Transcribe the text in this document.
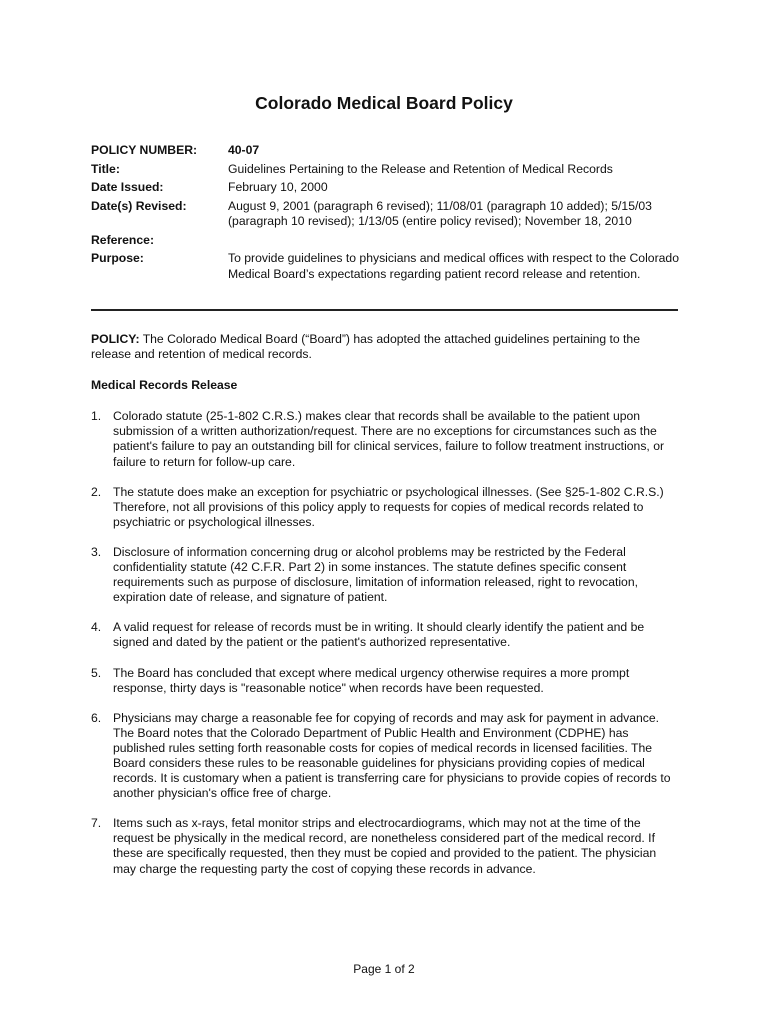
Colorado Medical Board Policy
POLICY NUMBER:	40-07
Title:	Guidelines Pertaining to the Release and Retention of Medical Records
Date Issued:	February 10, 2000
Date(s) Revised:	August 9, 2001 (paragraph 6 revised); 11/08/01 (paragraph 10 added); 5/15/03 (paragraph 10 revised); 1/13/05 (entire policy revised); November 18, 2010
Reference:
Purpose:	To provide guidelines to physicians and medical offices with respect to the Colorado Medical Board’s expectations regarding patient record release and retention.

POLICY: The Colorado Medical Board (“Board”) has adopted the attached guidelines pertaining to the release and retention of medical records.

Medical Records Release
1. Colorado statute (25-1-802 C.R.S.) makes clear that records shall be available to the patient upon submission of a written authorization/request. There are no exceptions for circumstances such as the patient's failure to pay an outstanding bill for clinical services, failure to follow treatment instructions, or failure to return for follow-up care.
2. The statute does make an exception for psychiatric or psychological illnesses. (See §25-1-802 C.R.S.) Therefore, not all provisions of this policy apply to requests for copies of medical records related to psychiatric or psychological illnesses.
3. Disclosure of information concerning drug or alcohol problems may be restricted by the Federal confidentiality statute (42 C.F.R. Part 2) in some instances. The statute defines specific consent requirements such as purpose of disclosure, limitation of information released, right to revocation, expiration date of release, and signature of patient.
4. A valid request for release of records must be in writing. It should clearly identify the patient and be signed and dated by the patient or the patient's authorized representative.
5. The Board has concluded that except where medical urgency otherwise requires a more prompt response, thirty days is "reasonable notice" when records have been requested.
6. Physicians may charge a reasonable fee for copying of records and may ask for payment in advance. The Board notes that the Colorado Department of Public Health and Environment (CDPHE) has published rules setting forth reasonable costs for copies of medical records in licensed facilities. The Board considers these rules to be reasonable guidelines for physicians providing copies of medical records. It is customary when a patient is transferring care for physicians to provide copies of records to another physician's office free of charge.
7. Items such as x-rays, fetal monitor strips and electrocardiograms, which may not at the time of the request be physically in the medical record, are nonetheless considered part of the medical record. If these are specifically requested, then they must be copied and provided to the patient. The physician may charge the requesting party the cost of copying these records in advance.
Page 1 of 2
